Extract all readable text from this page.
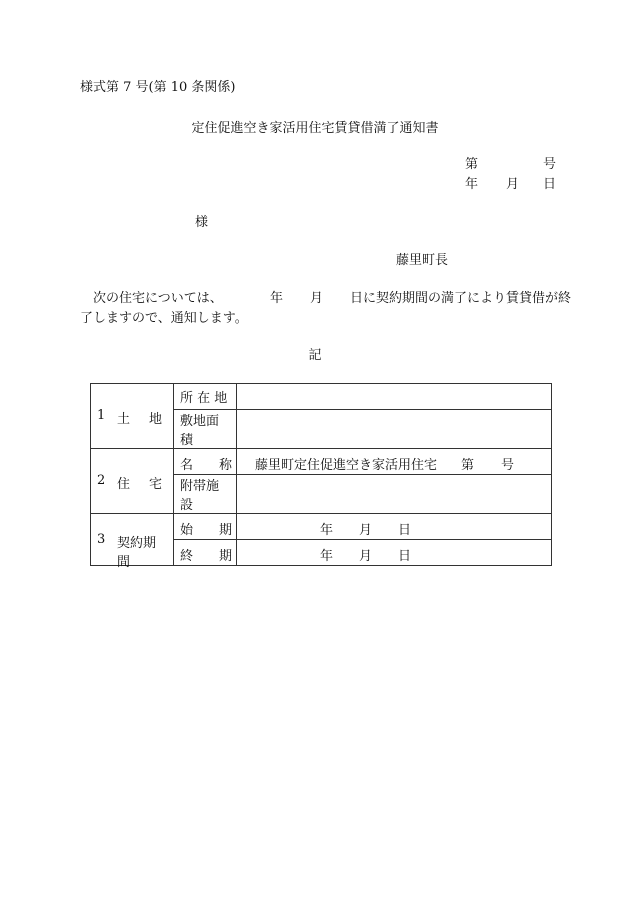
様式第 7 号(第 10 条関係)
定住促進空き家活用住宅賃貸借満了通知書
第	号
年 月 日
様
藤里町長
次の住宅については、	年 月 日に契約期間の満了により賃貸借が終
了しますので、通知します。
記
1 土 地	所 在 地	
	敷地面積	

2 住 宅	名 称	藤里町定住促進空き家活用住宅 第 号

	附帯施設	

3 契約期間	始 期	年 月 日

	終 期	年 月 日
